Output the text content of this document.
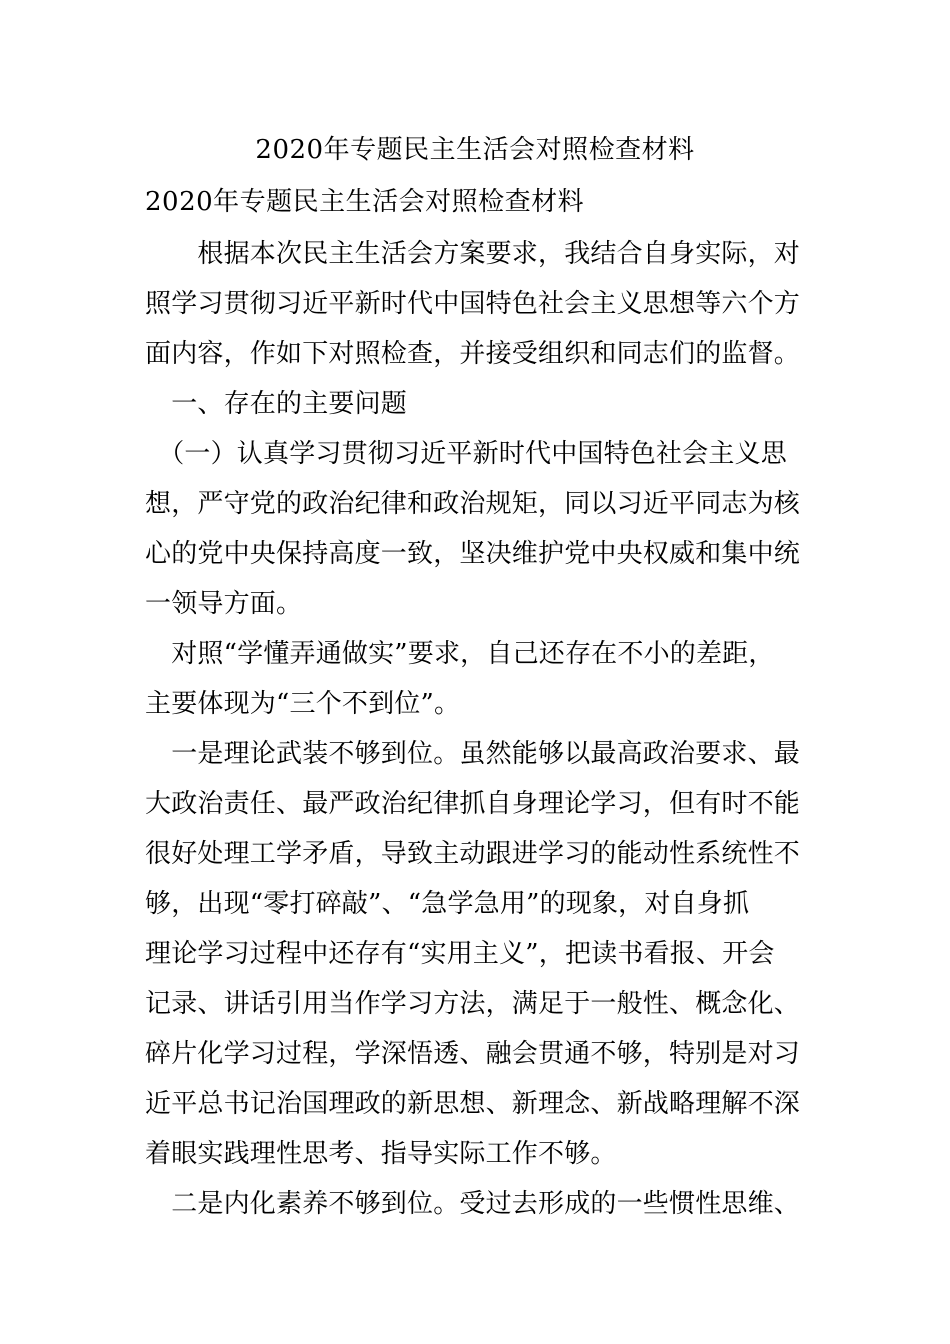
2020年专题民主生活会对照检查材料
2020年专题民主生活会对照检查材料
　　根据本次民主生活会方案要求，我结合自身实际，对
照学习贯彻习近平新时代中国特色社会主义思想等六个方
面内容，作如下对照检查，并接受组织和同志们的监督。
　一、存在的主要问题
　（一）认真学习贯彻习近平新时代中国特色社会主义思
想，严守党的政治纪律和政治规矩，同以习近平同志为核
心的党中央保持高度一致，坚决维护党中央权威和集中统
一领导方面。
　对照“学懂弄通做实”要求，自己还存在不小的差距，
主要体现为“三个不到位”。
　一是理论武装不够到位。虽然能够以最高政治要求、最
大政治责任、最严政治纪律抓自身理论学习，但有时不能
很好处理工学矛盾，导致主动跟进学习的能动性系统性不
够，出现“零打碎敲”、“急学急用”的现象，对自身抓
理论学习过程中还存有“实用主义”，把读书看报、开会
记录、讲话引用当作学习方法，满足于一般性、概念化、
碎片化学习过程，学深悟透、融会贯通不够，特别是对习
近平总书记治国理政的新思想、新理念、新战略理解不深
着眼实践理性思考、指导实际工作不够。
　二是内化素养不够到位。受过去形成的一些惯性思维、
